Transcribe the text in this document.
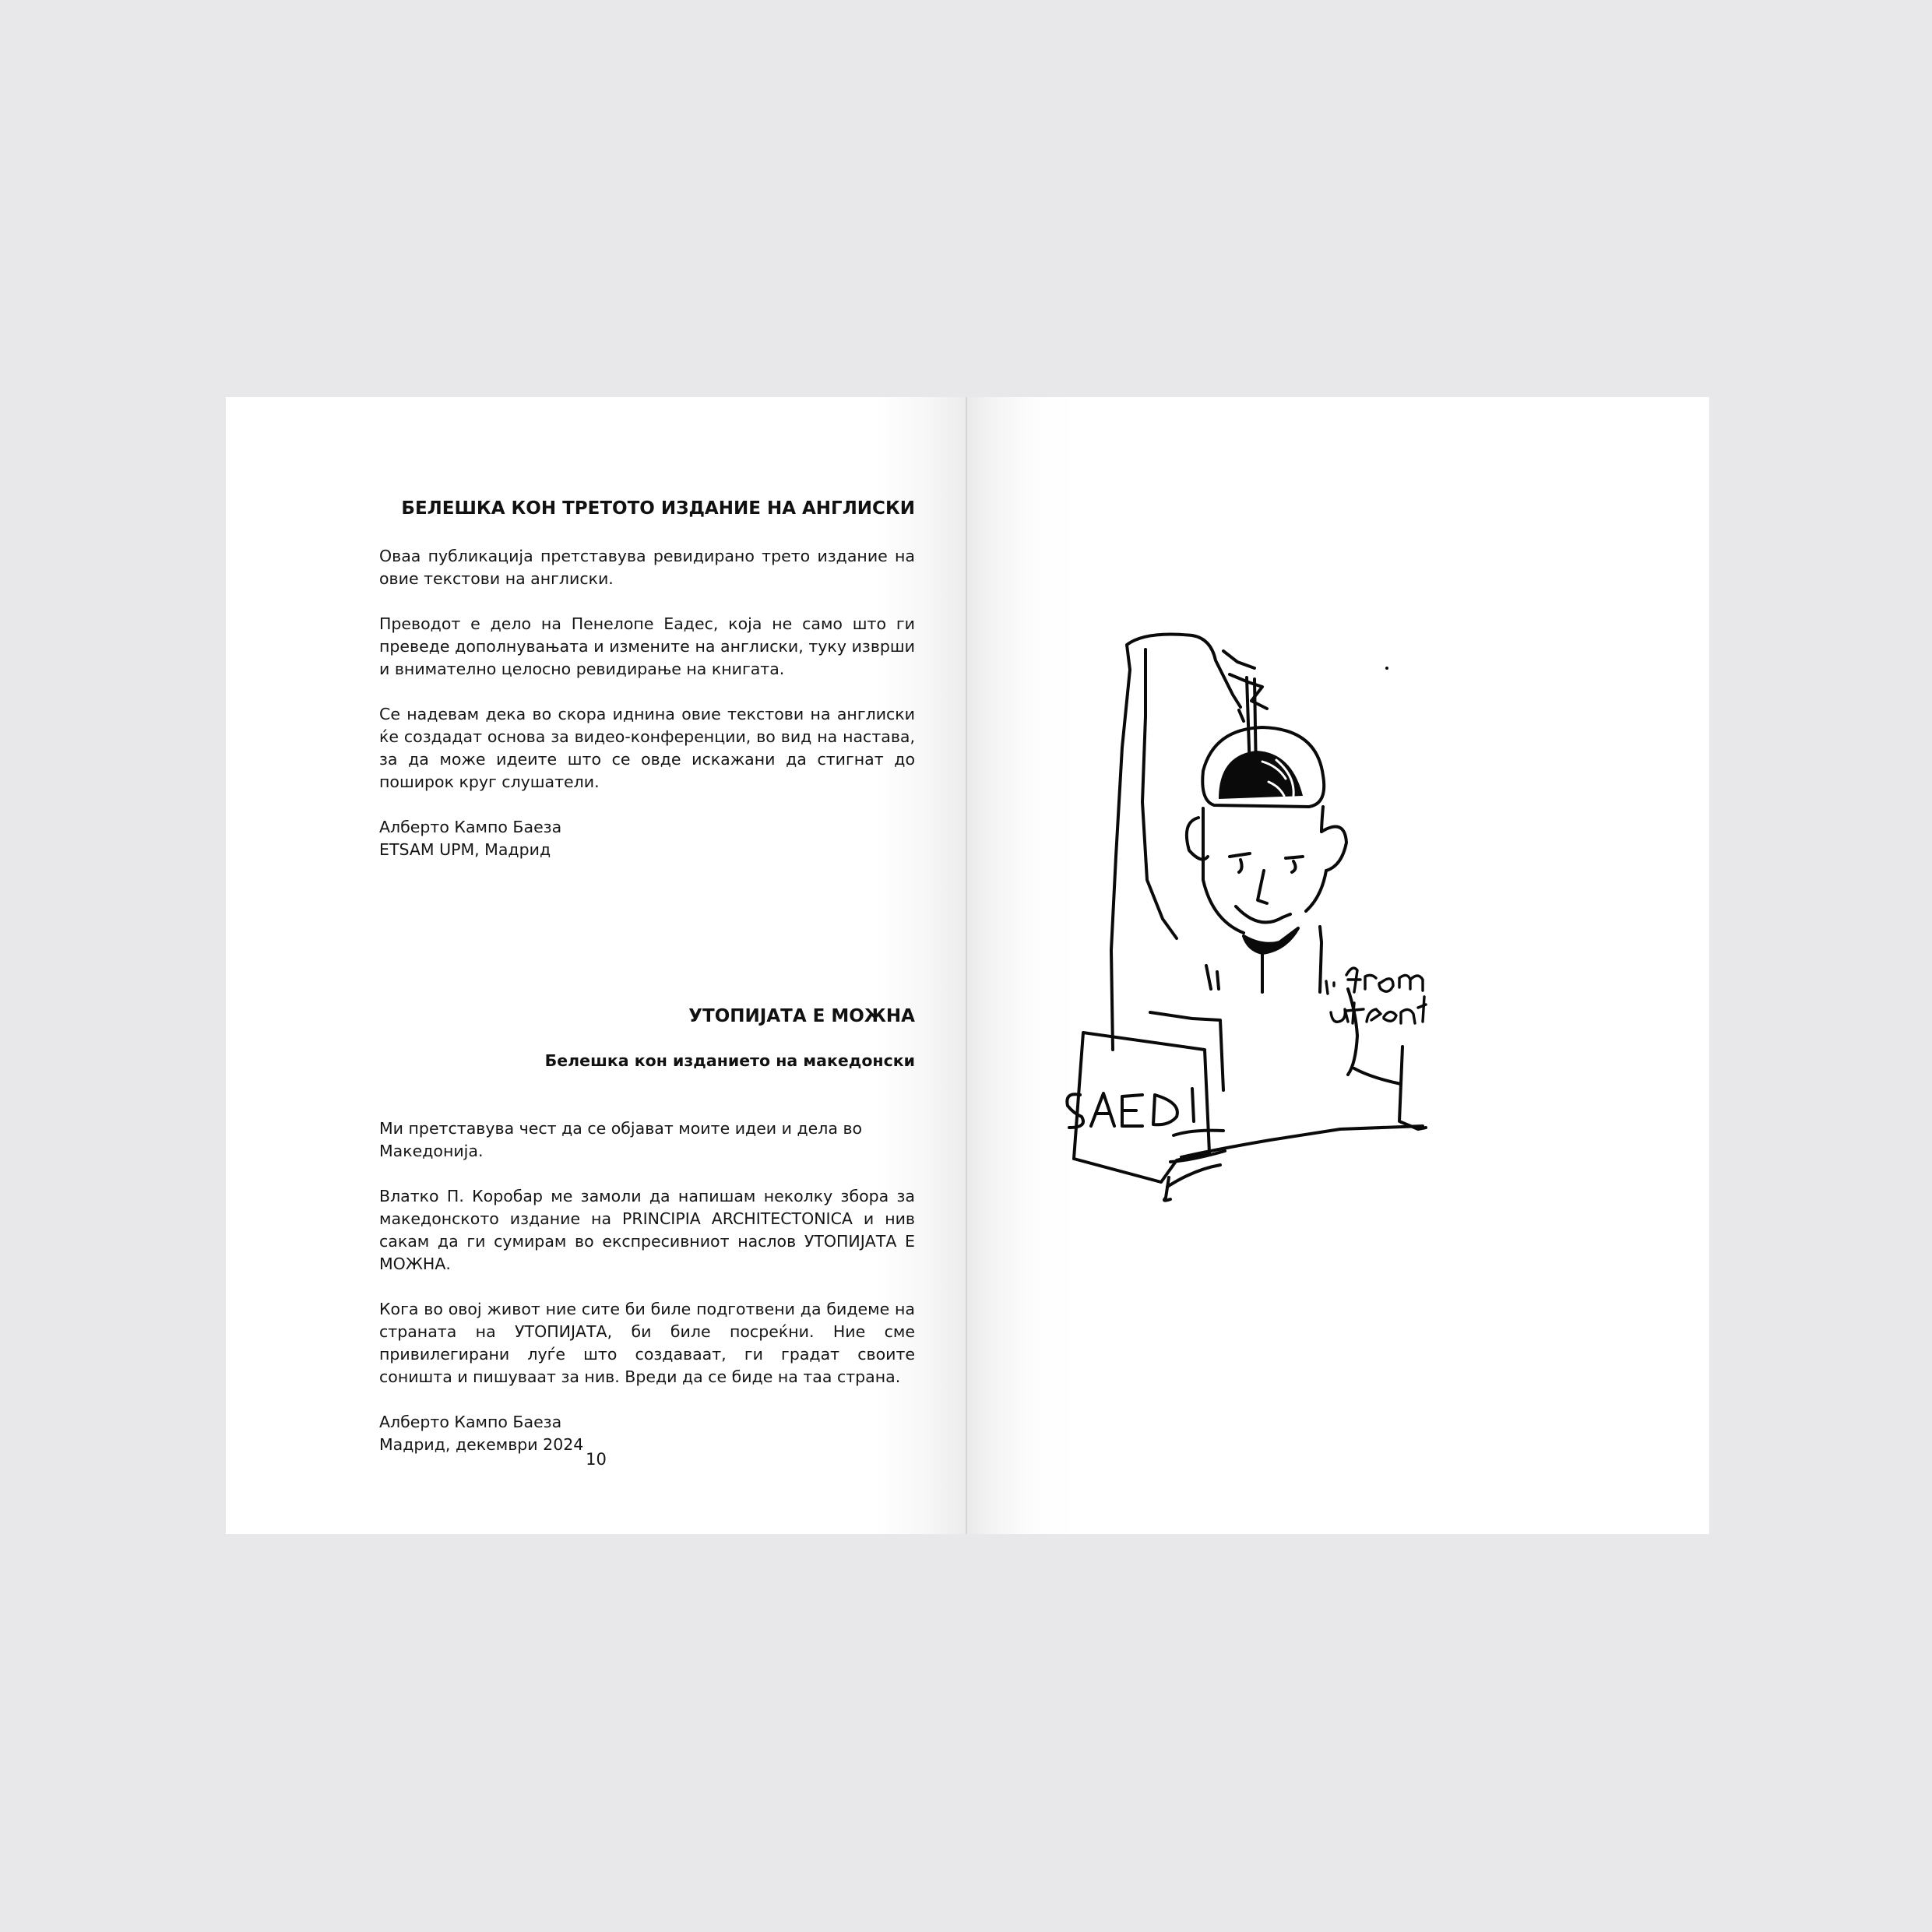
БЕЛЕШКА КОН ТРЕТОТО ИЗДАНИЕ НА АНГЛИСКИ

Оваа публикација претставува ревидирано трето издание на овие текстови на англиски.

Преводот е дело на Пенелопе Еадес, која не само што ги преведе дополнувањата и измените на англиски, туку изврши и внимателно целосно ревидирање на книгата.

Се надевам дека во скора иднина овие текстови на англиски ќе создадат основа за видео-конференции, во вид на настава, за да може идеите што се овде искажани да стигнат до поширок круг слушатели.

Алберто Кампо Баеза
ETSAM UPM, Мадрид
УТОПИЈАТА Е МОЖНА
Белешка кон изданието на македонски

Ми претставува чест да се објават моите идеи и дела во Македонија.

Влатко П. Коробар ме замоли да напишам неколку збора за македонското издание на PRINCIPIA ARCHITECTONICA и нив сакам да ги сумирам во експресивниот наслов УТОПИЈАТА Е МОЖНА.

Кога во овој живот ние сите би биле подготвени да бидеме на страната на УТОПИЈАТА, би биле посреќни. Ние сме привилегирани луѓе што создаваат, ги градат своите соништа и пишуваат за нив. Вреди да се биде на таа страна.

Алберто Кампо Баеза
Мадрид, декември 2024
10
